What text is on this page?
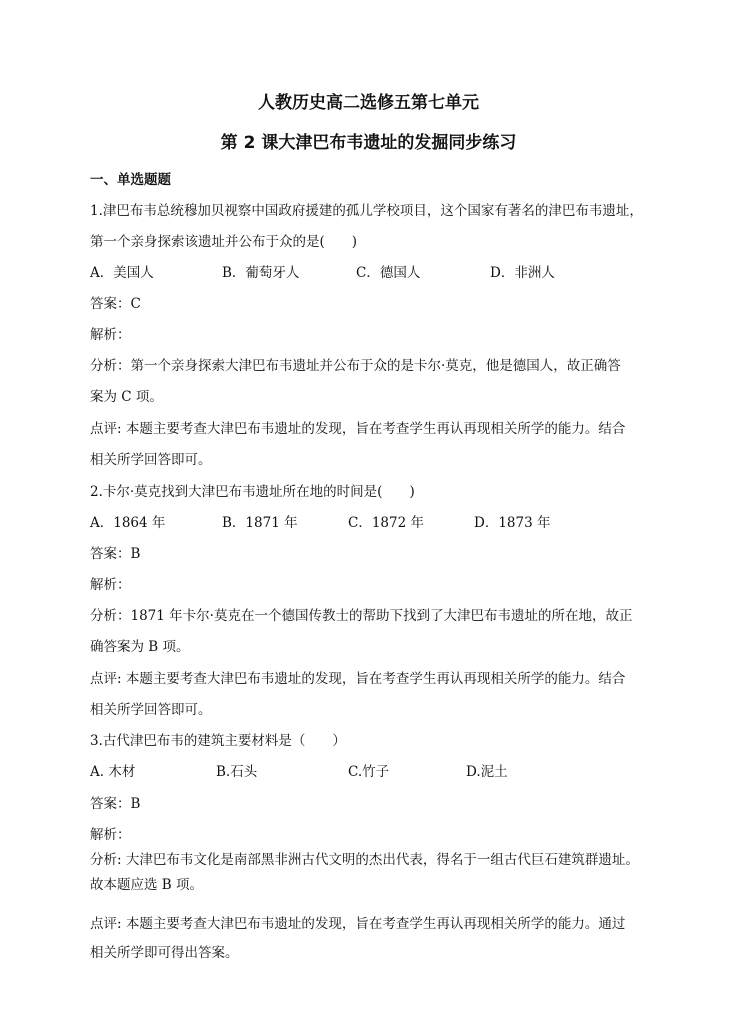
人教历史高二选修五第七单元
第 2 课大津巴布韦遗址的发掘同步练习
一、单选题题
1.津巴布韦总统穆加贝视察中国政府援建的孤儿学校项目，这个国家有著名的津巴布韦遗址，
第一个亲身探索该遗址并公布于众的是(　　)
A．美国人	B．葡萄牙人	C．德国人	D．非洲人
答案：C
解析：
分析：第一个亲身探索大津巴布韦遗址并公布于众的是卡尔·莫克，他是德国人，故正确答
案为 C 项。
点评: 本题主要考查大津巴布韦遗址的发现，旨在考查学生再认再现相关所学的能力。结合
相关所学回答即可。
2.卡尔·莫克找到大津巴布韦遗址所在地的时间是(　　)
A．1864 年	B．1871 年	C．1872 年	D．1873 年
答案：B
解析：
分析：1871 年卡尔·莫克在一个德国传教士的帮助下找到了大津巴布韦遗址的所在地，故正
确答案为 B 项。
点评: 本题主要考查大津巴布韦遗址的发现，旨在考查学生再认再现相关所学的能力。结合
相关所学回答即可。
3.古代津巴布韦的建筑主要材料是（　　）
A. 木材	B.石头	C.竹子	D.泥土
答案：B
解析：
分析: 大津巴布韦文化是南部黑非洲古代文明的杰出代表，得名于一组古代巨石建筑群遗址。
故本题应选 B 项。
点评: 本题主要考查大津巴布韦遗址的发现，旨在考查学生再认再现相关所学的能力。通过
相关所学即可得出答案。
